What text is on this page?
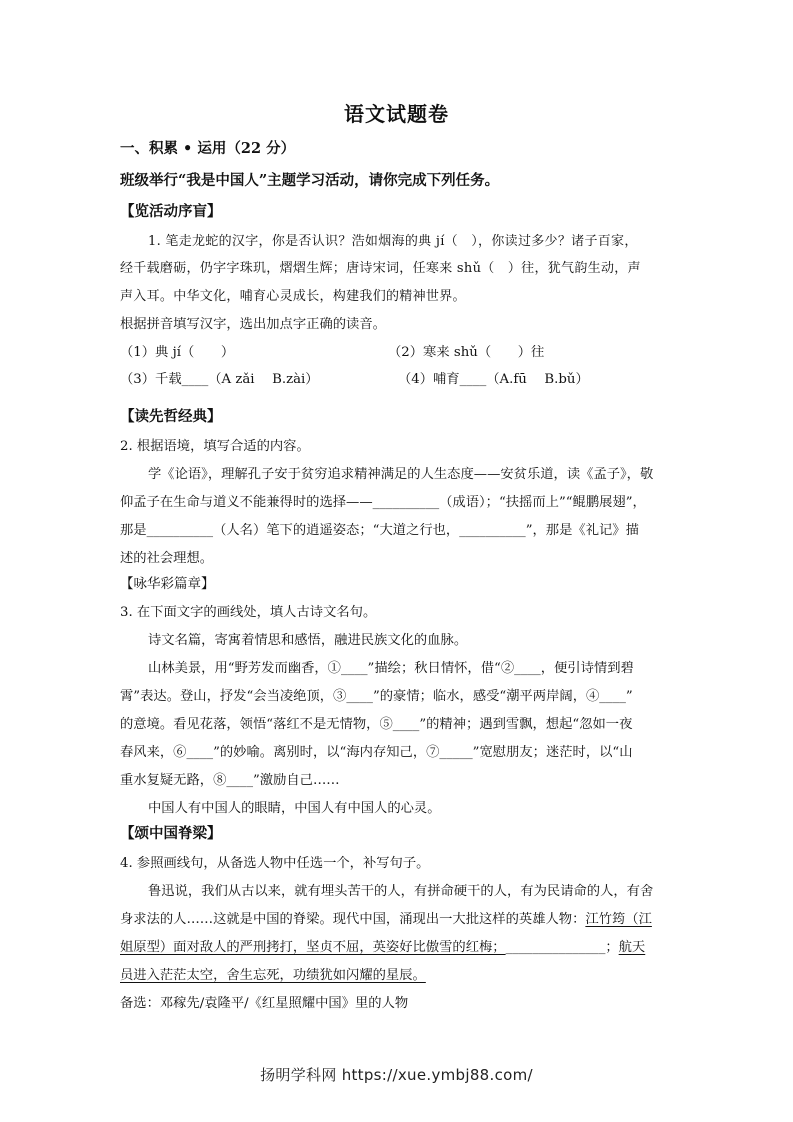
语文试题卷
一、积累 • 运用（22 分）
班级举行“我是中国人”主题学习活动，请你完成下列任务。
【览活动序盲】
1. 笔走龙蛇的汉字，你是否认识？浩如烟海的典 jí（　），你读过多少？诸子百家，
经千载磨砺，仍字字珠玑，熠熠生辉；唐诗宋词，任寒来 shǔ（　）往，犹气韵生动，声
声入耳。中华文化，哺育心灵成长，构建我们的精神世界。
根据拼音填写汉字，选出加点字正确的读音。
（1）典 jí（　　）	（2）寒来 shǔ（　　）往
（3）千载____（A zǎi　 B.zài）	（4）哺育____（A.fū　 B.bǔ）
【读先哲经典】
2. 根据语境，填写合适的内容。
学《论语》，理解孔子安于贫穷追求精神满足的人生态度——安贫乐道，读《孟子》，敬
仰孟子在生命与道义不能兼得时的选择——__________（成语）；“扶摇而上”“鲲鹏展翅”，
那是__________（人名）笔下的逍遥姿态；“大道之行也，__________”，那是《礼记》描
述的社会理想。
【咏华彩篇章】
3. 在下面文字的画线处，填人古诗文名句。
诗文名篇，寄寓着情思和感悟，融进民族文化的血脉。
山林美景，用“野芳发而幽香，①____”描绘；秋日情怀，借“②____，便引诗情到碧
霄”表达。登山，抒发“会当凌绝顶，③____”的豪情；临水，感受“潮平两岸阔，④____”
的意境。看见花落，领悟“落红不是无情物，⑤____”的精神；遇到雪飘，想起“忽如一夜
春风来，⑥____”的妙喻。离别时，以“海内存知己，⑦_____”宽慰朋友；迷茫时，以“山
重水复疑无路，⑧____”激励自己……
中国人有中国人的眼睛，中国人有中国人的心灵。
【颂中国脊梁】
4. 参照画线句，从备选人物中任选一个，补写句子。
鲁迅说，我们从古以来，就有埋头苦干的人，有拼命硬干的人，有为民请命的人，有舍
身求法的人……这就是中国的脊梁。现代中国，涌现出一大批这样的英雄人物：江竹筠（江
姐原型）面对敌人的严刑拷打，坚贞不屈，英姿好比傲雪的红梅；_______________；航天
员进入茫茫太空，舍生忘死，功绩犹如闪耀的星辰。
备选：邓稼先/袁隆平/《红星照耀中国》里的人物
扬明学科网 https://xue.ymbj88.com/
